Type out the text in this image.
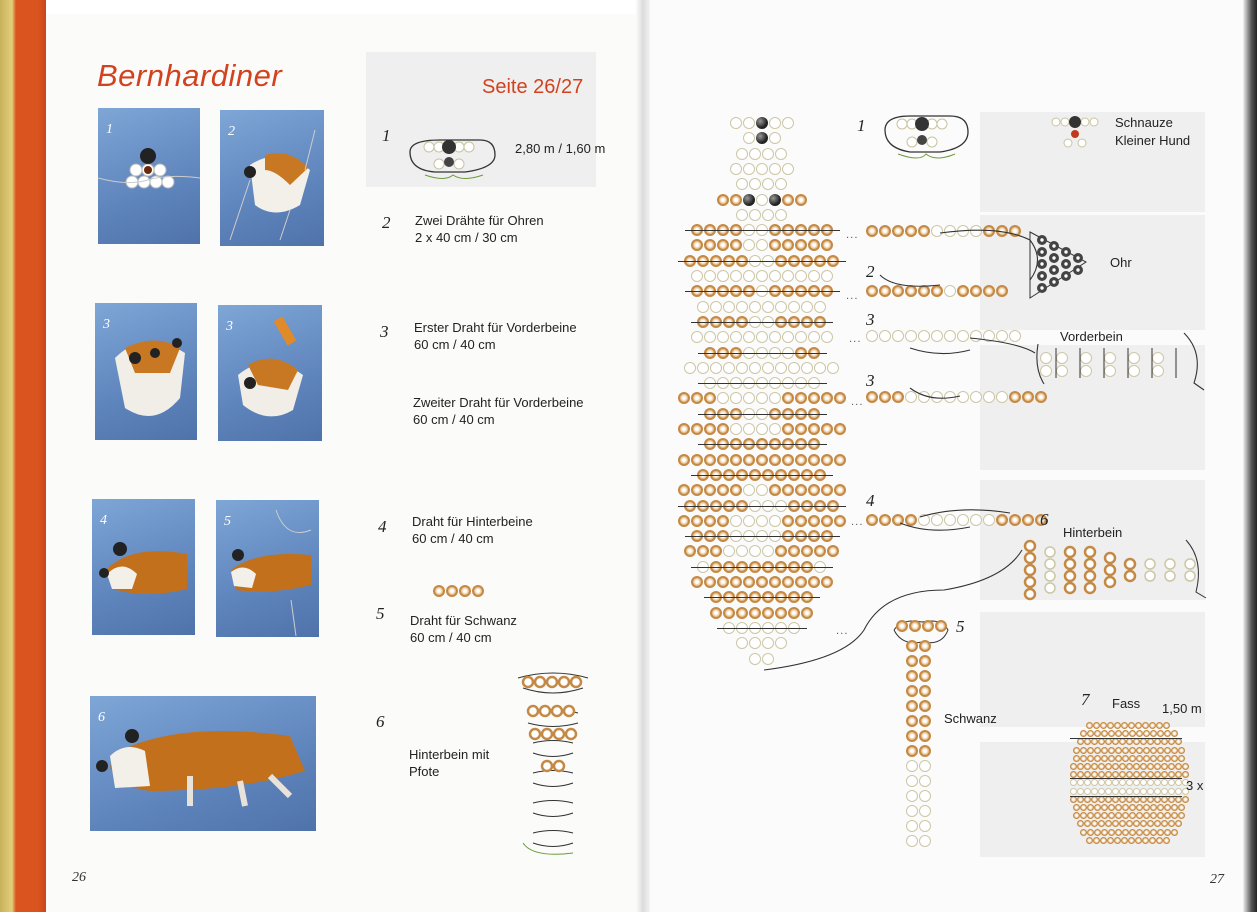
Bernhardiner	Seite 26/27
1	2
3	3
4	5
6
1
2,80 m / 1,60 m
2 Zwei Drähte für Ohren
2 x 40 cm / 30 cm
3 Erster Draht für Vorderbeine
60 cm / 40 cm
Zweiter Draht für Vorderbeine
60 cm / 40 cm
4 Draht für Hinterbeine
60 cm / 40 cm
5 Draht für Schwanz
60 cm / 40 cm
6
Hinterbein mit
Pfote
26
...
...
...
...
...
...
1	Schnauze
Kleiner Hund
2	Ohr
3
3
Vorderbein
4
6
Hinterbein
5
Schwanz
7 Fass 1,50 m
3 x
27
